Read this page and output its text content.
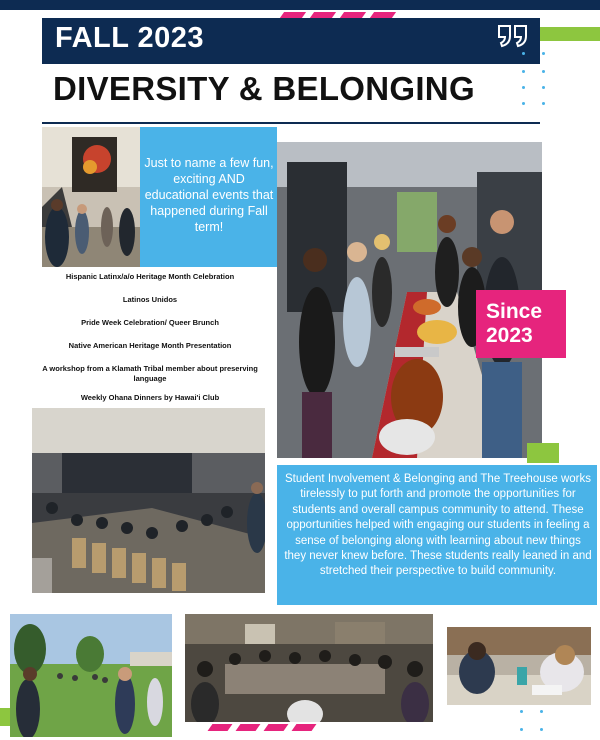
FALL 2023
DIVERSITY & BELONGING
Just to name a few fun, exciting AND educational events that happened during Fall term!
Hispanic Latinx/a/o Heritage Month Celebration
Latinos Unidos
Pride Week Celebration/ Queer Brunch
Native American Heritage Month Presentation
A workshop from a Klamath Tribal member about preserving language
Weekly Ohana Dinners by Hawai'i Club
Since 2023
Student Involvement & Belonging and The Treehouse works tirelessly to put forth and promote the opportunities for students and overall campus community to attend. These opportunities helped with engaging our students in feeling a sense of belonging along with learning about new things they never knew before. These students really leaned in and stretched their perspective to build community.
